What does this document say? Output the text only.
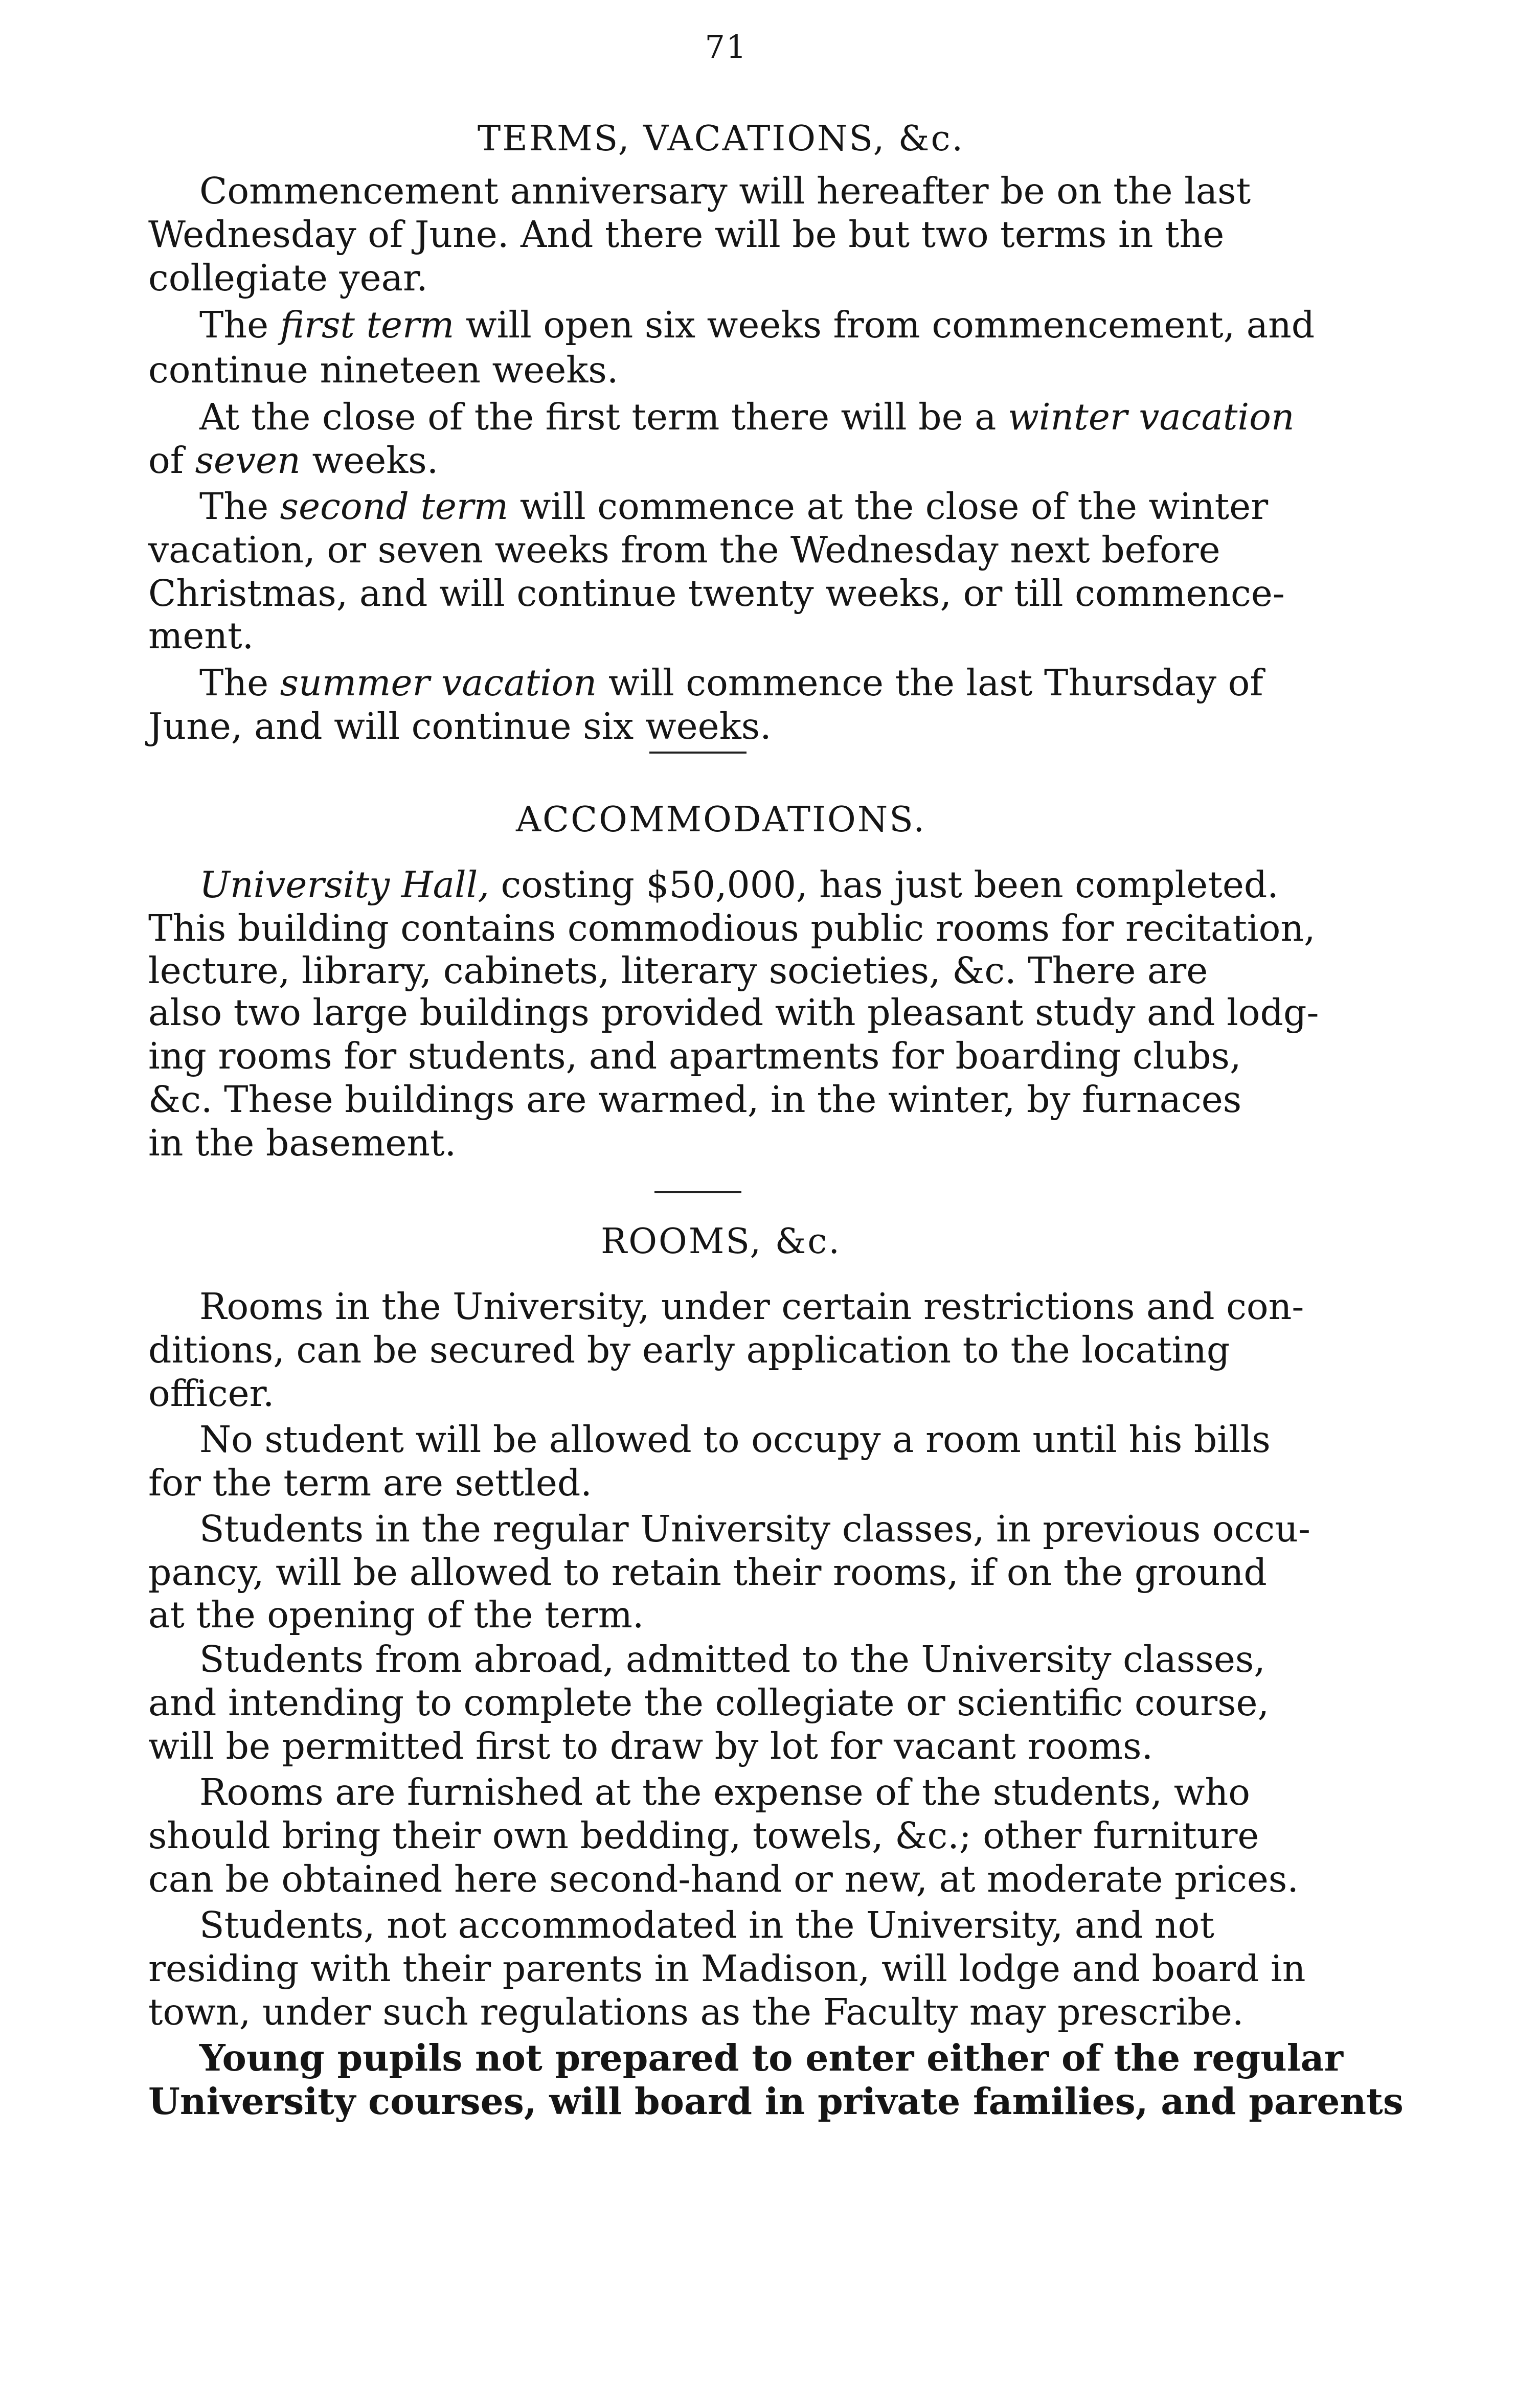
71
TERMS, VACATIONS, &c.
Commencement anniversary will hereafter be on the last
Wednesday of June. And there will be but two terms in the
collegiate year.
The first term will open six weeks from commencement, and
continue nineteen weeks.
At the close of the first term there will be a winter vacation
of seven weeks.
The second term will commence at the close of the winter
vacation, or seven weeks from the Wednesday next before
Christmas, and will continue twenty weeks, or till commence-
ment.
The summer vacation will commence the last Thursday of
June, and will continue six weeks.
ACCOMMODATIONS.
University Hall, costing $50,000, has just been completed.
This building contains commodious public rooms for recitation,
lecture, library, cabinets, literary societies, &c. There are
also two large buildings provided with pleasant study and lodg-
ing rooms for students, and apartments for boarding clubs,
&c. These buildings are warmed, in the winter, by furnaces
in the basement.
ROOMS, &c.
Rooms in the University, under certain restrictions and con-
ditions, can be secured by early application to the locating
officer.
No student will be allowed to occupy a room until his bills
for the term are settled.
Students in the regular University classes, in previous occu-
pancy, will be allowed to retain their rooms, if on the ground
at the opening of the term.
Students from abroad, admitted to the University classes,
and intending to complete the collegiate or scientific course,
will be permitted first to draw by lot for vacant rooms.
Rooms are furnished at the expense of the students, who
should bring their own bedding, towels, &c.; other furniture
can be obtained here second-hand or new, at moderate prices.
Students, not accommodated in the University, and not
residing with their parents in Madison, will lodge and board in
town, under such regulations as the Faculty may prescribe.
Young pupils not prepared to enter either of the regular
University courses, will board in private families, and parents
